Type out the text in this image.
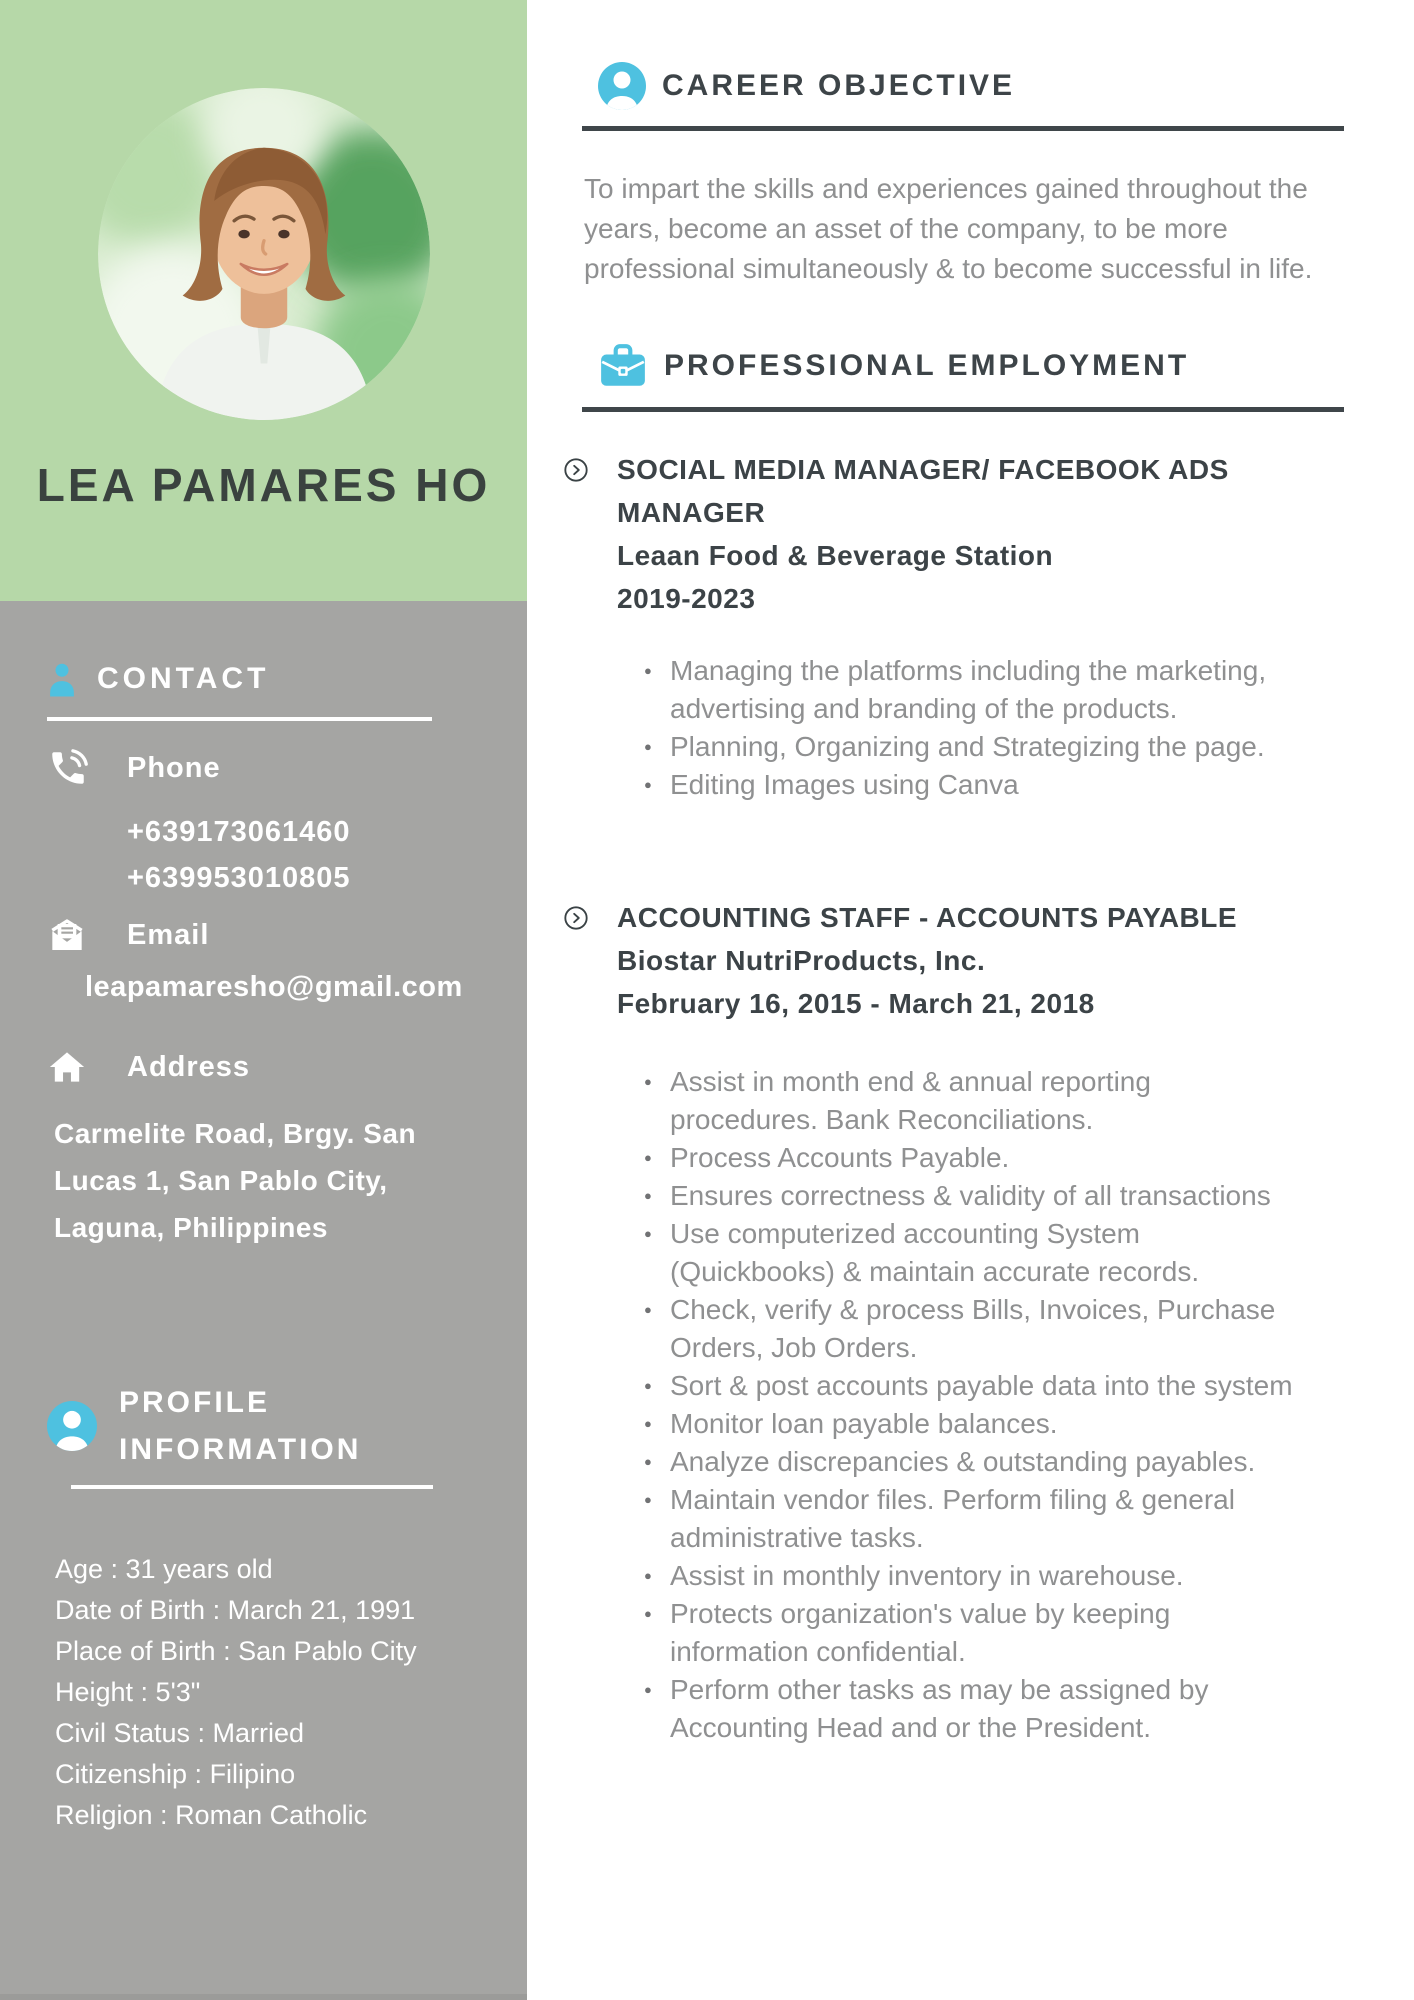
LEA PAMARES HO
CONTACT
Phone
+639173061460
+639953010805
Email
leapamaresho@gmail.com
Address

Carmelite Road, Brgy. San Lucas 1, San Pablo City, Laguna, Philippines

PROFILE
INFORMATION
Age : 31 years old
Date of Birth : March 21, 1991
Place of Birth : San Pablo City
Height : 5'3"
Civil Status : Married
Citizenship : Filipino
Religion : Roman Catholic
CAREER OBJECTIVE

To impart the skills and experiences gained throughout the years, become an asset of the company, to be more professional simultaneously & to become successful in life.

PROFESSIONAL EMPLOYMENT
SOCIAL MEDIA MANAGER/ FACEBOOK ADS MANAGER
Leaan Food & Beverage Station
2019-2023
● Managing the platforms including the marketing, advertising and branding of the products.
● Planning, Organizing and Strategizing the page.
● Editing Images using Canva
ACCOUNTING STAFF - ACCOUNTS PAYABLE
Biostar NutriProducts, Inc.
February 16, 2015 - March 21, 2018
● Assist in month end & annual reporting procedures. Bank Reconciliations.
● Process Accounts Payable.
● Ensures correctness & validity of all transactions
● Use computerized accounting System (Quickbooks) & maintain accurate records.
● Check, verify & process Bills, Invoices, Purchase Orders, Job Orders.
● Sort & post accounts payable data into the system
● Monitor loan payable balances.
● Analyze discrepancies & outstanding payables.
● Maintain vendor files. Perform filing & general administrative tasks.
● Assist in monthly inventory in warehouse.
● Protects organization's value by keeping information confidential.
● Perform other tasks as may be assigned by Accounting Head and or the President.
